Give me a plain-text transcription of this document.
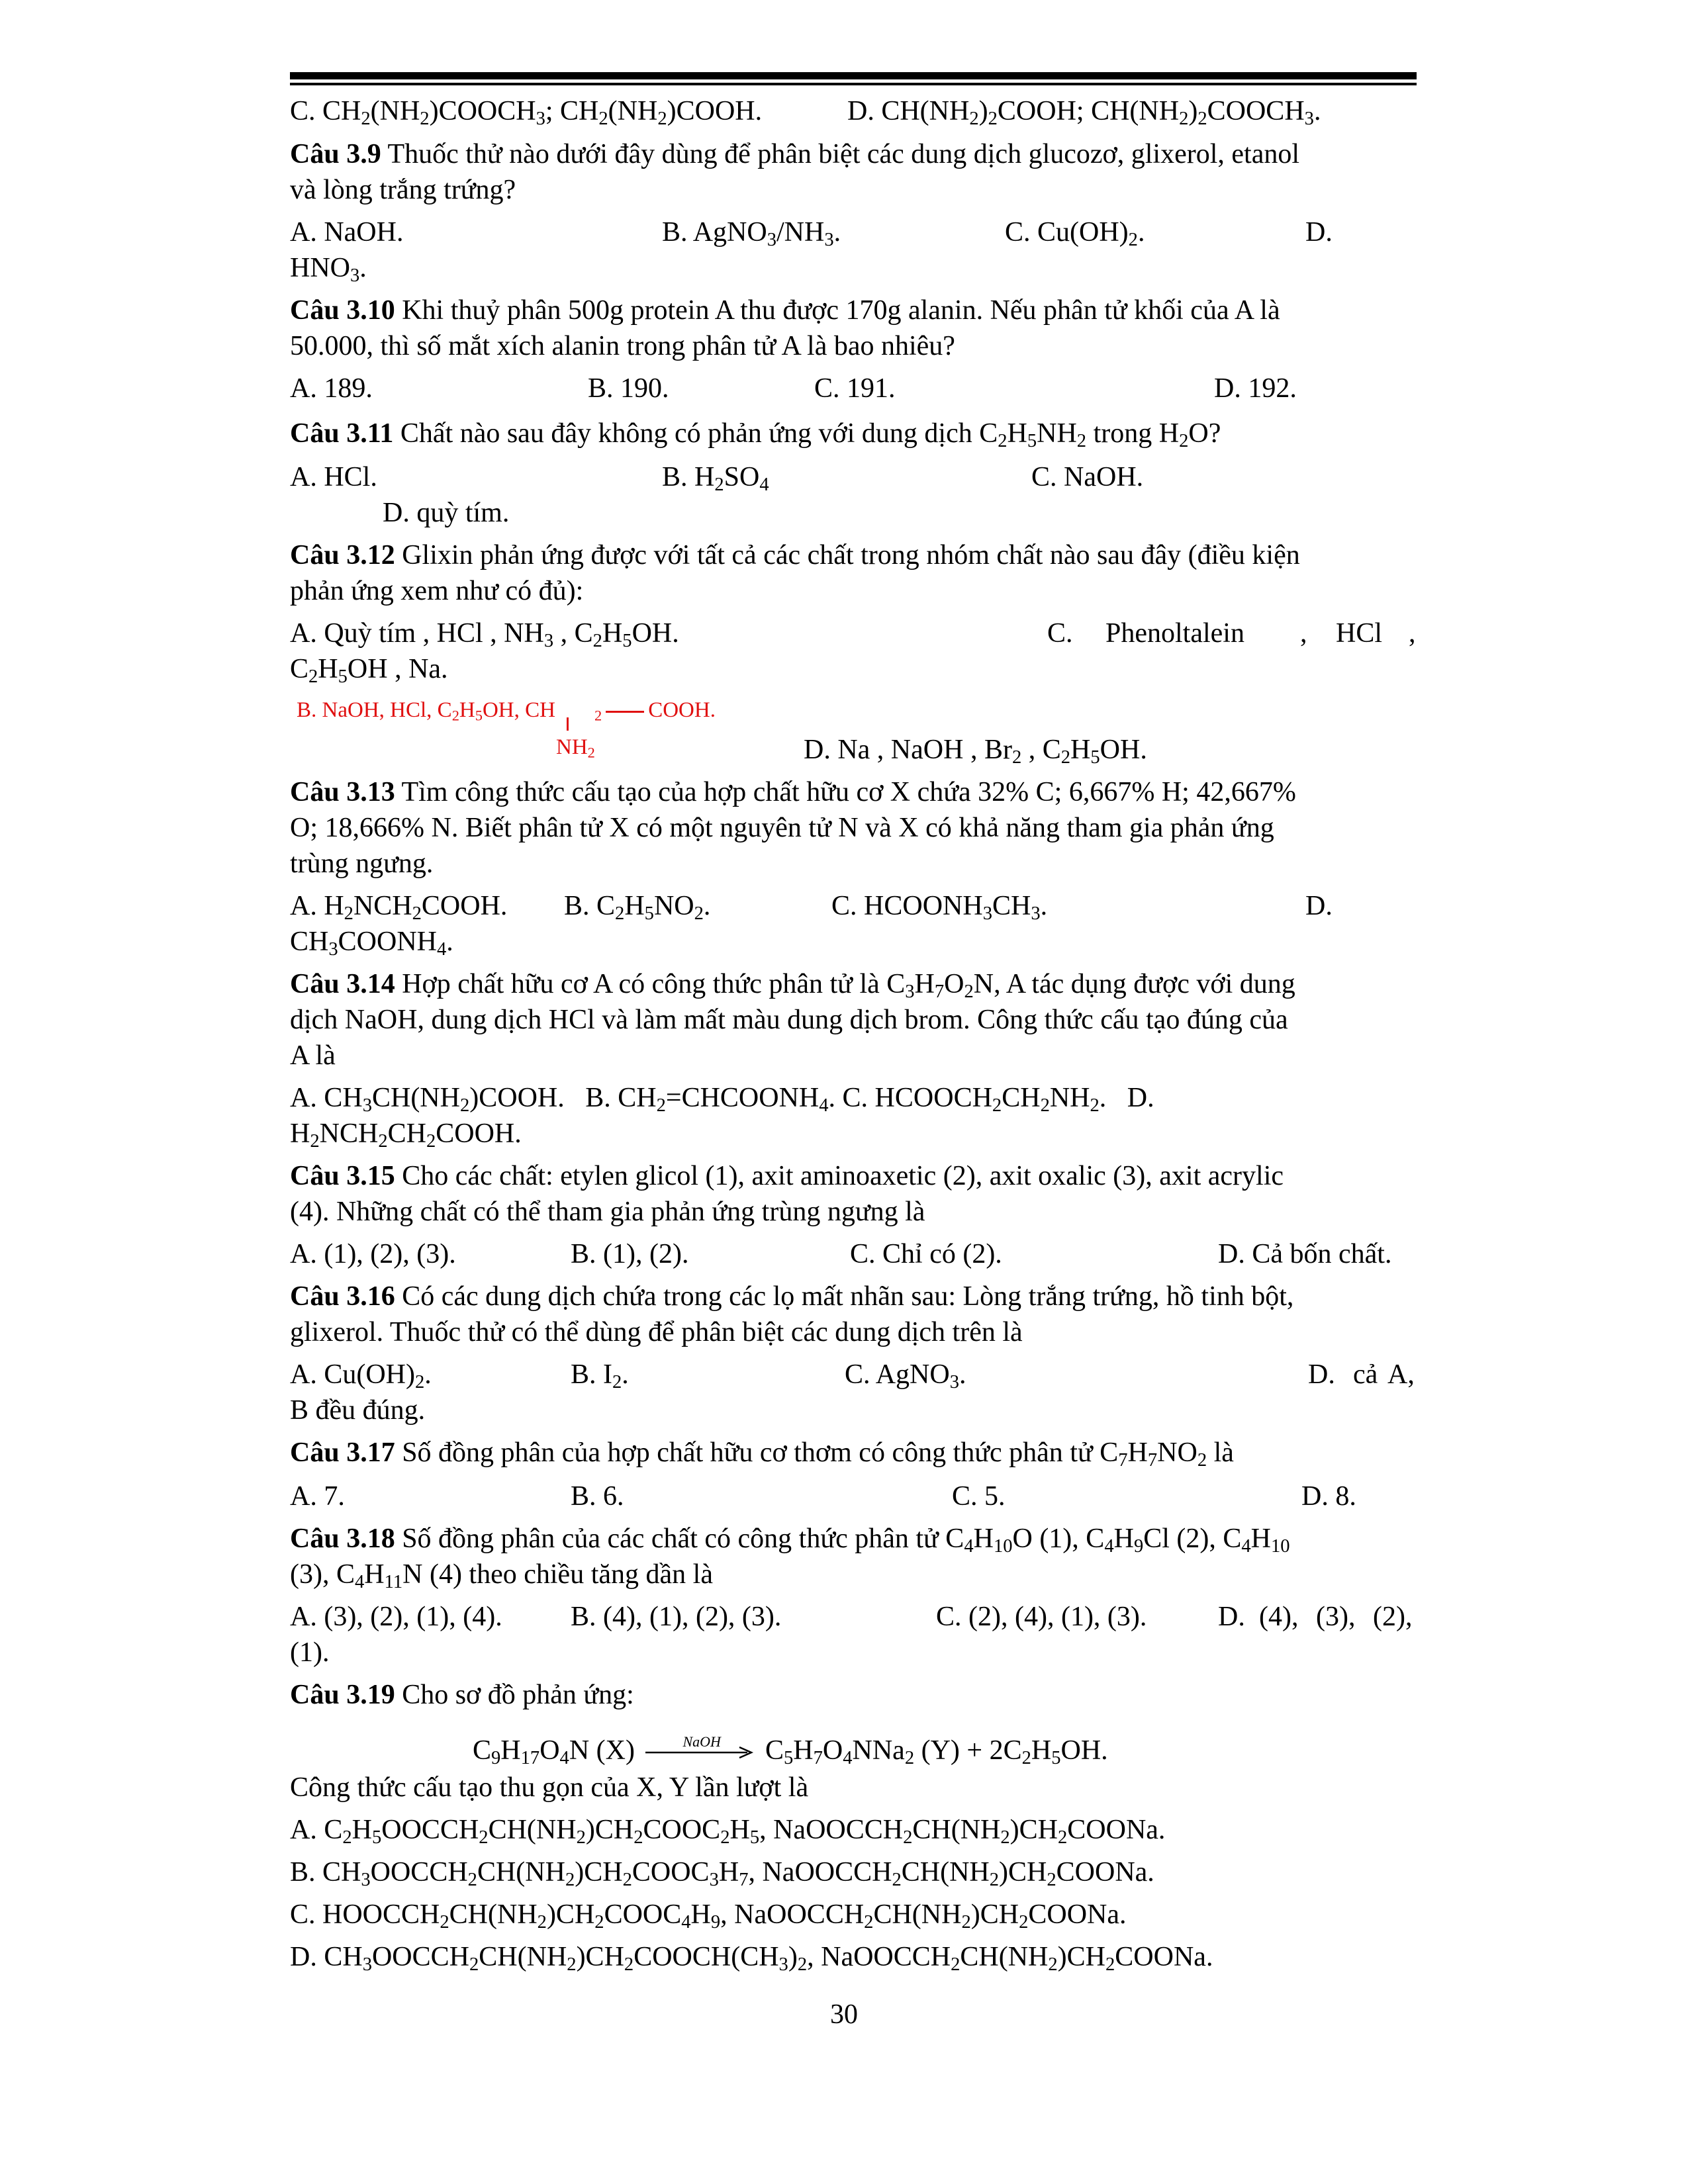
C. $CH_2(NH_2)COOCH_3$; $CH_2(NH_2)COOH$.	D. $CH(NH_2)_2COOH$; $CH(NH_2)_2COOCH_3$.
Câu 3.9 Thuốc thử nào dưới đây dùng để phân biệt các dung dịch glucozơ, glixerol, etanol
và lòng trắng trứng?
A. NaOH.	B. $AgNO_3/NH_3$.	C. $Cu(OH)_2$.	D.
$HNO_3$.
Câu 3.10 Khi thuỷ phân 500g protein A thu được 170g alanin. Nếu phân tử khối của A là
50.000, thì số mắt xích alanin trong phân tử A là bao nhiêu?
A. 189.	B. 190.	C. 191.	D. 192.
Câu 3.11 Chất nào sau đây không có phản ứng với dung dịch $C_2H_5NH_2$ trong $H_2O$?
A. HCl.	B. $H_2SO_4$	C. NaOH.
D. quỳ tím.
Câu 3.12 Glixin phản ứng được với tất cả các chất trong nhóm chất nào sau đây (điều kiện
phản ứng xem như có đủ):
A. Quỳ tím , HCl , $NH_3$ , $C_2H_5OH$.	C. Phenoltalein , HCl ,
$C_2H_5OH$ , Na.
B. NaOH, HCl, $C_2H_5OH$, CH	$_2$ COOH.
$NH_2$	D. Na , NaOH , $Br_2$ , $C_2H_5OH$.
Câu 3.13 Tìm công thức cấu tạo của hợp chất hữu cơ X chứa 32% C; 6,667% H; 42,667%
O; 18,666% N. Biết phân tử X có một nguyên tử N và X có khả năng tham gia phản ứng
trùng ngưng.
A. $H_2NCH_2COOH$. B. $C_2H_5NO_2$.	C. $HCOONH_3CH_3$.	D.
$CH_3COONH_4$.
Câu 3.14 Hợp chất hữu cơ A có công thức phân tử là $C_3H_7O_2N$, A tác dụng được với dung
dịch NaOH, dung dịch HCl và làm mất màu dung dịch brom. Công thức cấu tạo đúng của
A là
A. $CH_3CH(NH_2)COOH$.   B. $CH_2=CHCOONH_4$. C. $HCOOCH_2CH_2NH_2$.   D.
$H_2NCH_2CH_2COOH$.
Câu 3.15 Cho các chất: etylen glicol (1), axit aminoaxetic (2), axit oxalic (3), axit acrylic
(4). Những chất có thể tham gia phản ứng trùng ngưng là
A. (1), (2), (3).	B. (1), (2).	C. Chỉ có (2).	D. Cả bốn chất.
Câu 3.16 Có các dung dịch chứa trong các lọ mất nhãn sau: Lòng trắng trứng, hồ tinh bột,
glixerol. Thuốc thử có thể dùng để phân biệt các dung dịch trên là
A. $Cu(OH)_2$.	B. $I_2$.	C. AgNO$_3$.	D. cả A,
B đều đúng.
Câu 3.17 Số đồng phân của hợp chất hữu cơ thơm có công thức phân tử $C_7H_7NO_2$ là
A. 7.	B. 6.	C. 5.	D. 8.
Câu 3.18 Số đồng phân của các chất có công thức phân tử $C_4H_{10}O$ (1), $C_4H_9Cl$ (2), $C_4H_{10}$
(3), $C_4H_{11}N$ (4) theo chiều tăng dần là
A. (3), (2), (1), (4). B. (4), (1), (2), (3).	C. (2), (4), (1), (3).	D. (4), (3), (2),
(1).
Câu 3.19 Cho sơ đồ phản ứng:
$C_9H_{17}O_4N$ (X)	NaOH $C_5H_7O_4NNa_2$ $(Y) + 2C_2H_5OH$.
Công thức cấu tạo thu gọn của X, Y lần lượt là
A. $C_2H_5OOCCH_2CH(NH_2)CH_2COOC_2H_5$, $NaOOCCH_2CH(NH_2)CH_2COONa$.
B. $CH_3OOCCH_2CH(NH_2)CH_2COOC_3H_7$, $NaOOCCH_2CH(NH_2)CH_2COONa$.
C. $HOOCCH_2CH(NH_2)CH_2COOC_4H_9$, $NaOOCCH_2CH(NH_2)CH_2COONa$.
D. $CH_3OOCCH_2CH(NH_2)CH_2COOCH(CH_3)_2$, $NaOOCCH_2CH(NH_2)CH_2COONa$.
30
